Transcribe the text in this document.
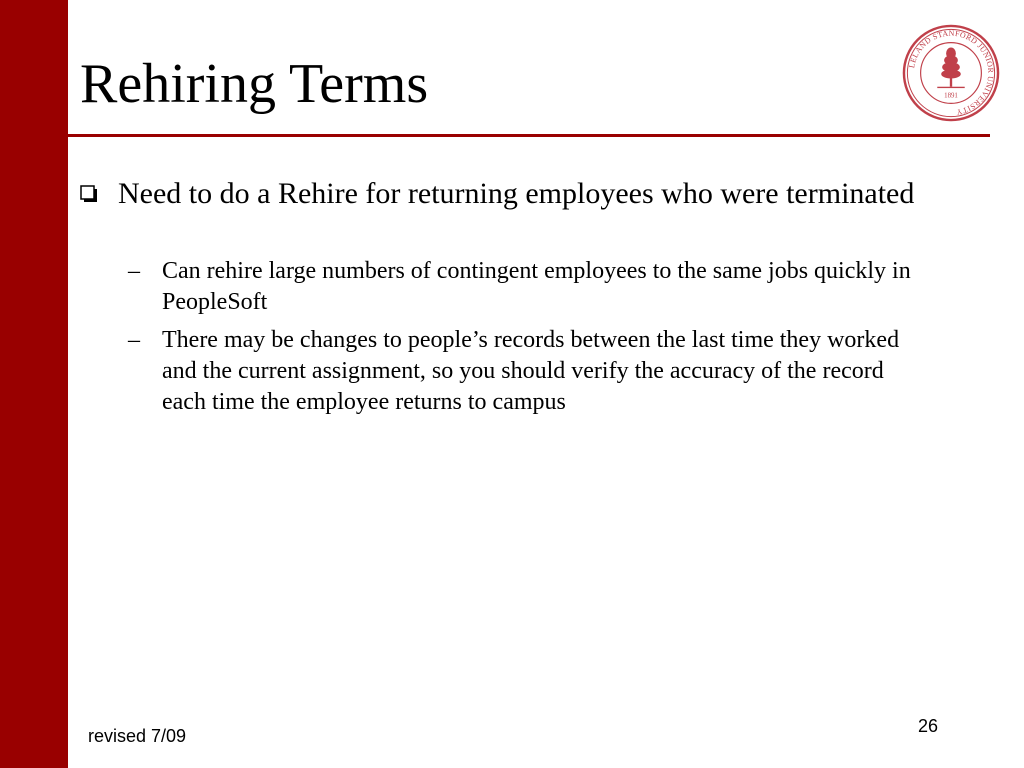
Rehiring Terms	LELAND STANFORD JUNIOR UNIVERSITY
1891
Need to do a Rehire for returning employees who were terminated
– Can rehire large numbers of contingent employees to the same jobs quickly in PeopleSoft
– There may be changes to people’s records between the last time they worked and the current assignment, so you should verify the accuracy of the record each time the employee returns to campus
revised 7/09	26
